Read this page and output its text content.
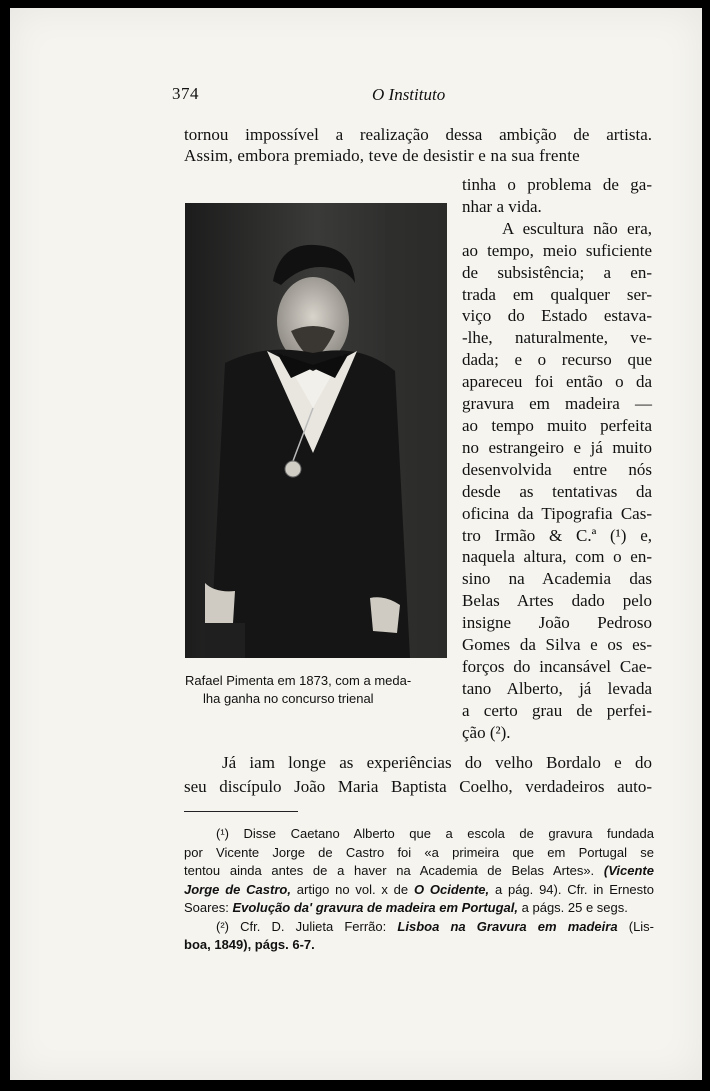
374	O Instituto
tornou impossível a realização dessa ambição de artista.
Assim, embora premiado, teve de desistir e na sua frente
Rafael Pimenta em 1873, com a meda-
lha ganha no concurso trienal
tinha o problema de ga-
nhar a vida.
A escultura não era,
ao tempo, meio suficiente
de subsistência; a en-
trada em qualquer ser-
viço do Estado estava-
-lhe, naturalmente, ve-
dada; e o recurso que
apareceu foi então o da
gravura em madeira —
ao tempo muito perfeita
no estrangeiro e já muito
desenvolvida entre nós
desde as tentativas da
oficina da Tipografia Cas-
tro Irmão & C.ª (¹) e,
naquela altura, com o en-
sino na Academia das
Belas Artes dado pelo
insigne João Pedroso
Gomes da Silva e os es-
forços do incansável Cae-
tano Alberto, já levada
a certo grau de perfei-
ção (²).
Já iam longe as experiências do velho Bordalo e do
seu discípulo João Maria Baptista Coelho, verdadeiros auto-
(¹) Disse Caetano Alberto que a escola de gravura fundada
por Vicente Jorge de Castro foi «a primeira que em Portugal se
tentou ainda antes de a haver na Academia de Belas Artes». (Vicente
Jorge de Castro, artigo no vol. x de O Ocidente, a pág. 94). Cfr. in Ernesto
Soares: Evolução da' gravura de madeira em Portugal, a págs. 25 e segs.
(²) Cfr. D. Julieta Ferrão: Lisboa na Gravura em madeira (Lis-
boa, 1849), págs. 6-7.
